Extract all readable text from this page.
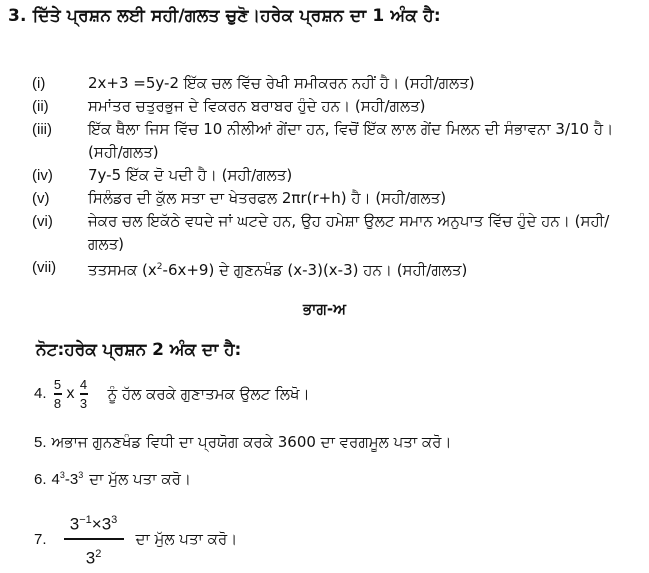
3. ਦਿੱਤੇ ਪ੍ਰਸ਼ਨ ਲਈ ਸਹੀ/ਗਲਤ ਚੁਣੋ।ਹਰੇਕ ਪ੍ਰਸ਼ਨ ਦਾ 1 ਅੰਕ ਹੈ:
(i)	2x+3 =5y-2 ਇੱਕ ਚਲ ਵਿੱਚ ਰੇਖੀ ਸਮੀਕਰਨ ਨਹੀਂ ਹੈ। (ਸਹੀ/ਗਲਤ)
(ii)	ਸਮਾਂਤਰ ਚਤੁਰਭੁਜ ਦੇ ਵਿਕਰਨ ਬਰਾਬਰ ਹੁੰਦੇ ਹਨ। (ਸਹੀ/ਗਲਤ)
(iii)	ਇੱਕ ਥੈਲਾ ਜਿਸ ਵਿੱਚ 10 ਨੀਲੀਆਂ ਗੇਂਦਾ ਹਨ, ਵਿਚੋਂ ਇੱਕ ਲਾਲ ਗੇਂਦ ਮਿਲਨ ਦੀ ਸੰਭਾਵਨਾ 3/10 ਹੈ।(ਸਹੀ/ਗਲਤ)
(iv)	7y-5 ਇੱਕ ਦੋ ਪਦੀ ਹੈ। (ਸਹੀ/ਗਲਤ)
(v)	ਸਿਲੰਡਰ ਦੀ ਕੁੱਲ ਸਤਾ ਦਾ ਖੇਤਰਫਲ 2πr(r+h) ਹੈ। (ਸਹੀ/ਗਲਤ)
(vi)	ਜੇਕਰ ਚਲ ਇਕੱਠੇ ਵਧਦੇ ਜਾਂ ਘਟਦੇ ਹਨ, ਉਹ ਹਮੇਸ਼ਾ ਉਲਟ ਸਮਾਨ ਅਨੁਪਾਤ ਵਿੱਚ ਹੁੰਦੇ ਹਨ। (ਸਹੀ/ਗਲਤ)
(vii)	ਤਤਸਮਕ $(x^2-6x+9)$ ਦੇ ਗੁਣਨਖੰਡ (x-3)(x-3) ਹਨ। (ਸਹੀ/ਗਲਤ)
ਭਾਗ-ਅ
ਨੋਟ:ਹਰੇਕ ਪ੍ਰਸ਼ਨ 2 ਅੰਕ ਦਾ ਹੈ:
4. $\frac{5}{8}$ x $\frac{4}{3}$ ਨੂੰ ਹੱਲ ਕਰਕੇ ਗੁਣਾਤਮਕ ਉਲਟ ਲਿਖੋ।
5. ਅਭਾਜ ਗੁਨਣਖੰਡ ਵਿਧੀ ਦਾ ਪ੍ਰਯੋਗ ਕਰਕੇ 3600 ਦਾ ਵਰਗਮੂਲ ਪਤਾ ਕਰੋ।
6. $4^3-3^3$ ਦਾ ਮੁੱਲ ਪਤਾ ਕਰੋ।
7.
$3^{-1}\times 3^3$
$3^2$
ਦਾ ਮੁੱਲ ਪਤਾ ਕਰੋ।
